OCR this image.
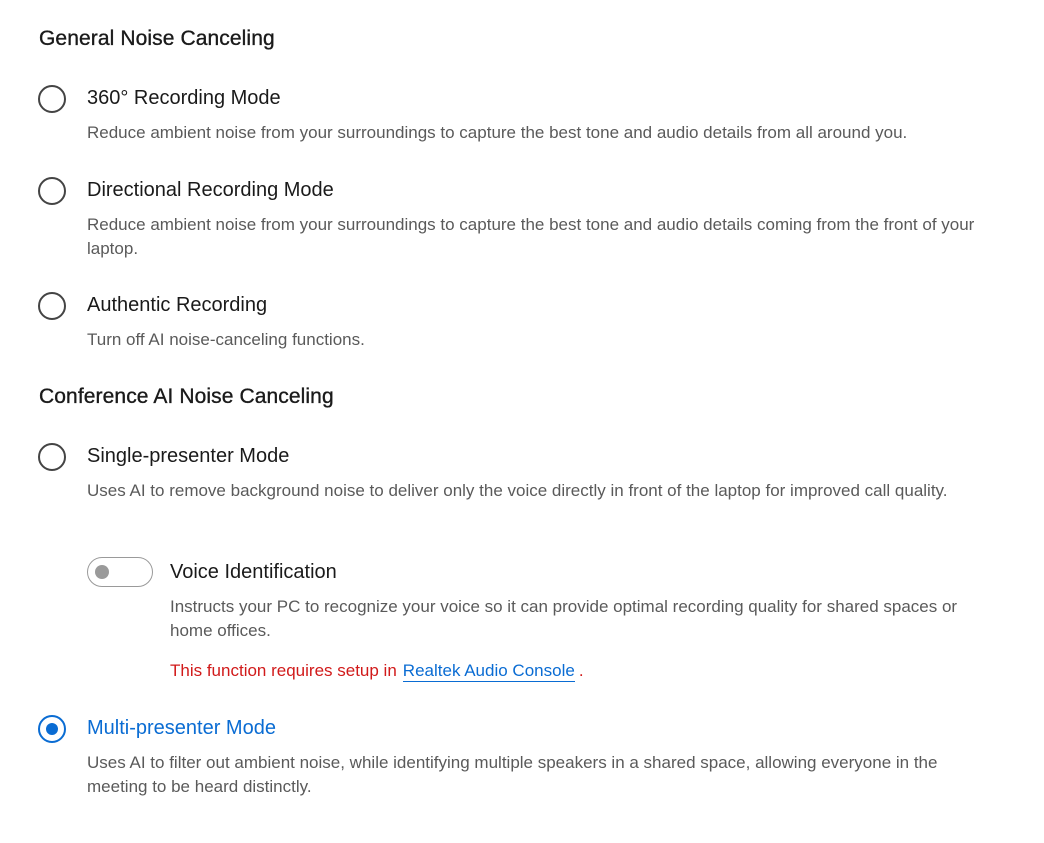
General Noise Canceling
360° Recording Mode
Reduce ambient noise from your surroundings to capture the best tone and audio details from all around you.
Directional Recording Mode
Reduce ambient noise from your surroundings to capture the best tone and audio details coming from the front of your laptop.
Authentic Recording
Turn off AI noise-canceling functions.
Conference AI Noise Canceling
Single-presenter Mode
Uses AI to remove background noise to deliver only the voice directly in front of the laptop for improved call quality.
Voice Identification
Instructs your PC to recognize your voice so it can provide optimal recording quality for shared spaces or home offices.
This function requires setup in Realtek Audio Console .
Multi-presenter Mode
Uses AI to filter out ambient noise, while identifying multiple speakers in a shared space, allowing everyone in the meeting to be heard distinctly.
